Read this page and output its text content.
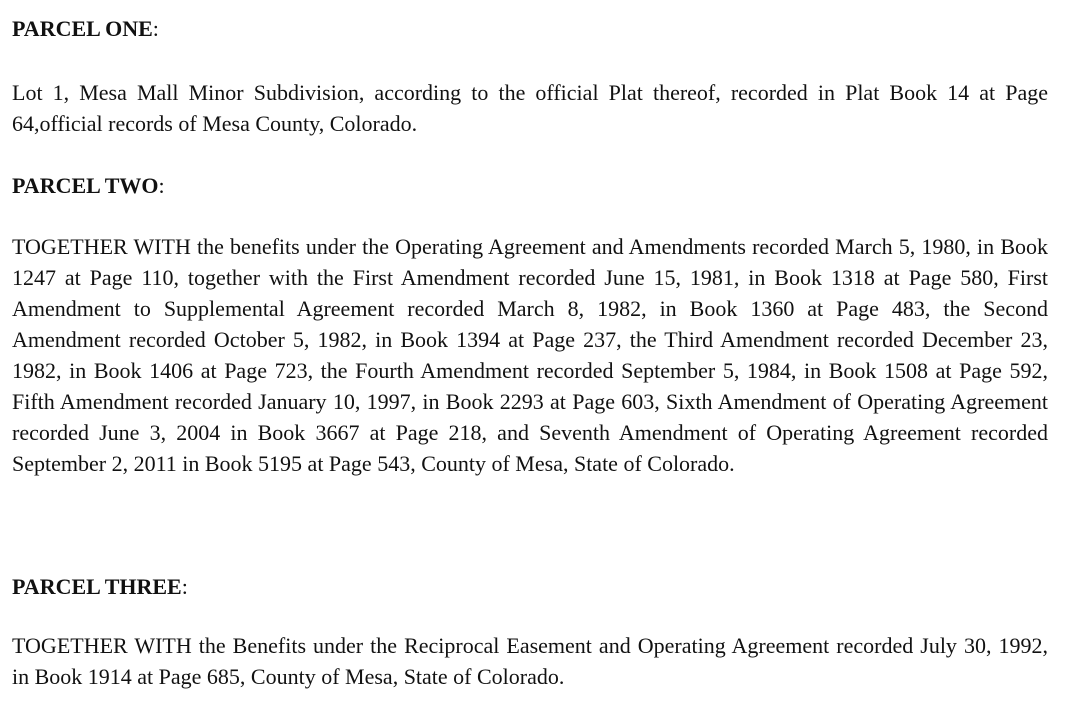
PARCEL ONE:

Lot 1, Mesa Mall Minor Subdivision, according to the official Plat thereof, recorded in Plat Book 14 at Page 64,official records of Mesa County, Colorado.

PARCEL TWO:

TOGETHER WITH the benefits under the Operating Agreement and Amendments recorded March 5, 1980, in Book 1247 at Page 110, together with the First Amendment recorded June 15, 1981, in Book 1318 at Page 580, First Amendment to Supplemental Agreement recorded March 8, 1982, in Book 1360 at Page 483, the Second Amendment recorded October 5, 1982, in Book 1394 at Page 237, the Third Amendment recorded December 23, 1982, in Book 1406 at Page 723, the Fourth Amendment recorded September 5, 1984, in Book 1508 at Page 592, Fifth Amendment recorded January 10, 1997, in Book 2293 at Page 603, Sixth Amendment of Operating Agreement recorded June 3, 2004 in Book 3667 at Page 218, and Seventh Amendment of Operating Agreement recorded September 2, 2011 in Book 5195 at Page 543, County of Mesa, State of Colorado.

PARCEL THREE:

TOGETHER WITH the Benefits under the Reciprocal Easement and Operating Agreement recorded July 30, 1992, in Book 1914 at Page 685, County of Mesa, State of Colorado.
